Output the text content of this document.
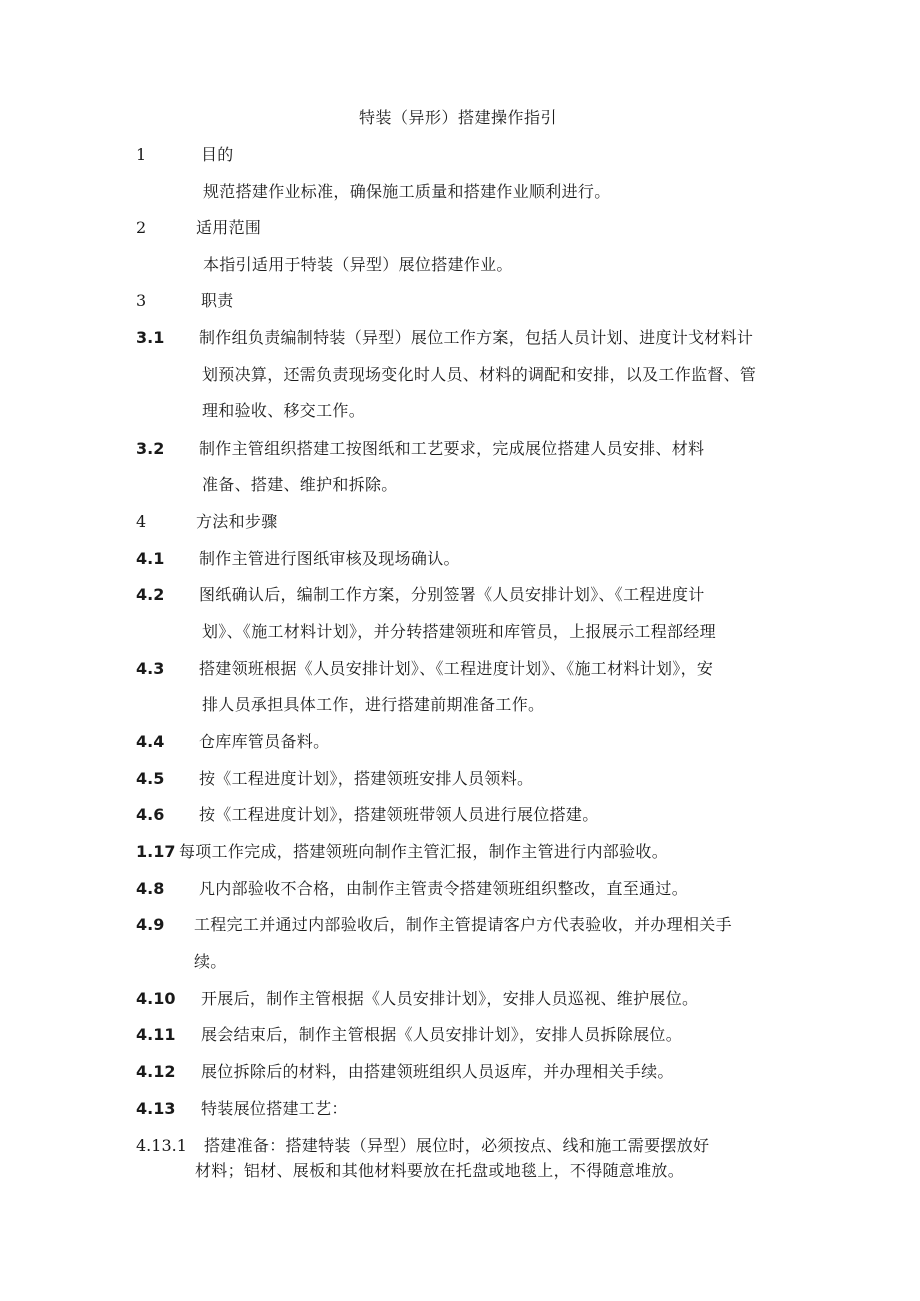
特装（异形）搭建操作指引
1	目的
规范搭建作业标准，确保施工质量和搭建作业顺利进行。
2	适用范围
本指引适用于特装（异型）展位搭建作业。
3	职责
3.1 制作组负责编制特装（异型）展位工作方案，包括人员计划、进度计戈材料计
划预决算，还需负责现场变化时人员、材料的调配和安排，以及工作监督、管
理和验收、移交工作。
3.2 制作主管组织搭建工按图纸和工艺要求，完成展位搭建人员安排、材料
准备、搭建、维护和拆除。
4	方法和步骤
4.1 制作主管进行图纸审核及现场确认。
4.2 图纸确认后，编制工作方案，分别签署《人员安排计划》、《工程进度计
划》、《施工材料计划》，并分转搭建领班和库管员，上报展示工程部经理
4.3 搭建领班根据《人员安排计划》、《工程进度计划》、《施工材料计划》，安
排人员承担具体工作，进行搭建前期准备工作。
4.4 仓库库管员备料。
4.5 按《工程进度计划》，搭建领班安排人员领料。
4.6 按《工程进度计划》，搭建领班带领人员进行展位搭建。
1.17 每项工作完成，搭建领班向制作主管汇报，制作主管进行内部验收。
4.8 凡内部验收不合格，由制作主管责令搭建领班组织整改，直至通过。
4.9 工程完工并通过内部验收后，制作主管提请客户方代表验收，并办理相关手
续。
4.10 开展后，制作主管根据《人员安排计划》，安排人员巡视、维护展位。
4.11 展会结束后，制作主管根据《人员安排计划》，安排人员拆除展位。
4.12 展位拆除后的材料，由搭建领班组织人员返库，并办理相关手续。
4.13 特装展位搭建工艺：
4.13.1 搭建准备：搭建特装（异型）展位时，必须按点、线和施工需要摆放好
材料；铝材、展板和其他材料要放在托盘或地毯上，不得随意堆放。
